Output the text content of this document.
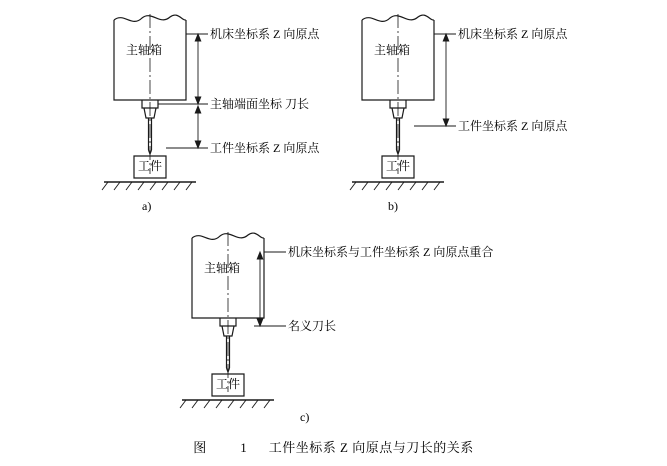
主轴箱
工件
机床坐标系 Z 向原点
主轴端面坐标 刀长
工件坐标系 Z 向原点
a)
主轴箱
工件
机床坐标系 Z 向原点
工件坐标系 Z 向原点
b)
主轴箱
工件
机床坐标系与工件坐标系 Z 向原点重合
名义刀长
c)
图	1 工件坐标系 Z 向原点与刀长的关系
